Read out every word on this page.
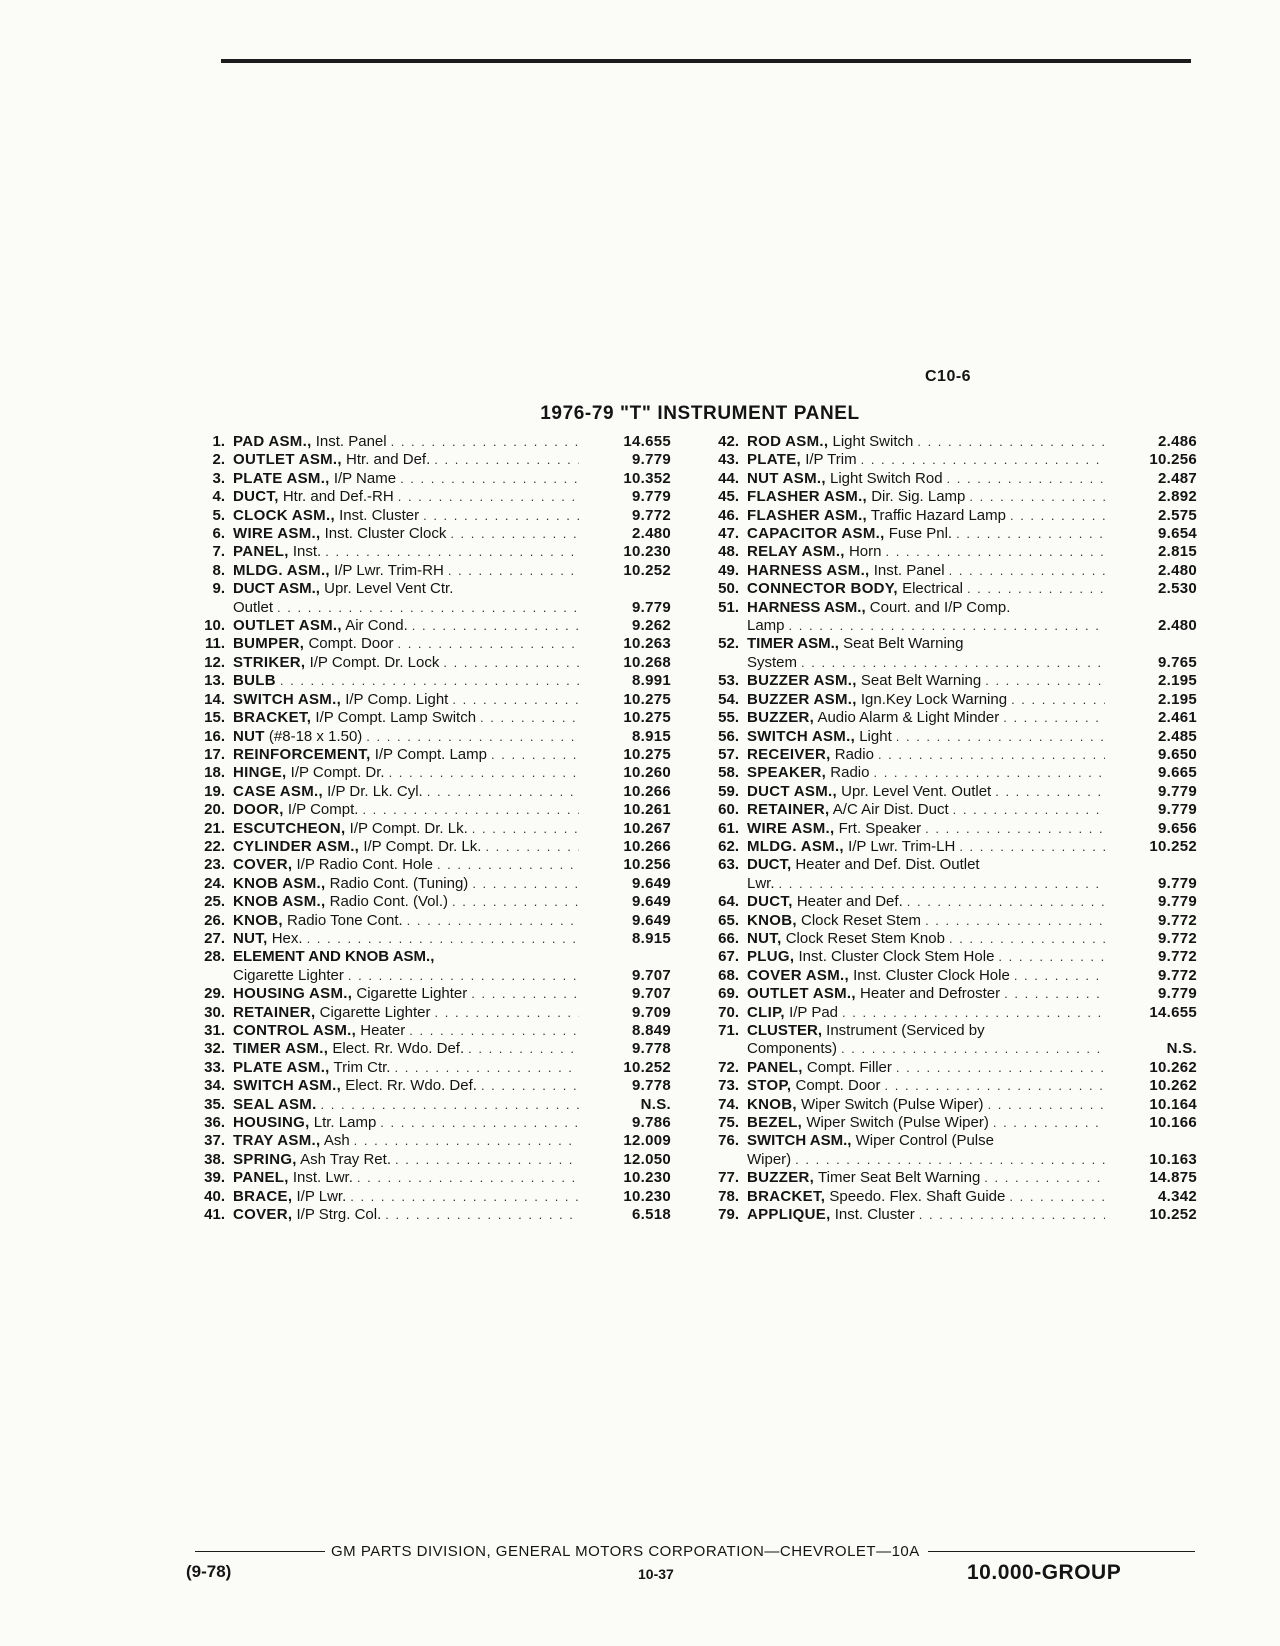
C10-6
1976-79 "T" INSTRUMENT PANEL
1. PAD ASM., Inst. Panel . . .	14.655
2. OUTLET ASM., Htr. and Def. . . .	9.779
3. PLATE ASM., I/P Name . . .	10.352
4. DUCT, Htr. and Def.-RH . . .	9.779
5. CLOCK ASM., Inst. Cluster . . .	9.772
6. WIRE ASM., Inst. Cluster Clock . . .	2.480
7. PANEL, Inst. . . .	10.230
8. MLDG. ASM., I/P Lwr. Trim-RH . . .	10.252
9. DUCT ASM., Upr. Level Vent Ctr.
Outlet . . .	9.779
10. OUTLET ASM., Air Cond. . . .	9.262
11. BUMPER, Compt. Door . . .	10.263
12. STRIKER, I/P Compt. Dr. Lock . . .	10.268
13. BULB . . .	8.991
14. SWITCH ASM., I/P Comp. Light . . .	10.275
15. BRACKET, I/P Compt. Lamp Switch . . .	10.275
16. NUT (#8-18 x 1.50) . . .	8.915
17. REINFORCEMENT, I/P Compt. Lamp . . .	10.275
18. HINGE, I/P Compt. Dr. . . .	10.260
19. CASE ASM., I/P Dr. Lk. Cyl. . . .	10.266
20. DOOR, I/P Compt. . . .	10.261
21. ESCUTCHEON, I/P Compt. Dr. Lk. . . .	10.267
22. CYLINDER ASM., I/P Compt. Dr. Lk. . . .	10.266
23. COVER, I/P Radio Cont. Hole . . .	10.256
24. KNOB ASM., Radio Cont. (Tuning) . . .	9.649
25. KNOB ASM., Radio Cont. (Vol.) . . .	9.649
26. KNOB, Radio Tone Cont. . . .	9.649
27. NUT, Hex. . . .	8.915
28. ELEMENT AND KNOB ASM.,
Cigarette Lighter . . .	9.707
29. HOUSING ASM., Cigarette Lighter . . .	9.707
30. RETAINER, Cigarette Lighter . . .	9.709
31. CONTROL ASM., Heater . . .	8.849
32. TIMER ASM., Elect. Rr. Wdo. Def. . . .	9.778
33. PLATE ASM., Trim Ctr. . . .	10.252
34. SWITCH ASM., Elect. Rr. Wdo. Def. . . .	9.778
35. SEAL ASM. . . .	N.S.
36. HOUSING, Ltr. Lamp . . .	9.786
37. TRAY ASM., Ash . . .	12.009
38. SPRING, Ash Tray Ret. . . .	12.050
39. PANEL, Inst. Lwr. . . .	10.230
40. BRACE, I/P Lwr. . . .	10.230
41. COVER, I/P Strg. Col. . . .	6.518
42. ROD ASM., Light Switch . . .	2.486
43. PLATE, I/P Trim . . .	10.256
44. NUT ASM., Light Switch Rod . . .	2.487
45. FLASHER ASM., Dir. Sig. Lamp . . .	2.892
46. FLASHER ASM., Traffic Hazard Lamp . . .	2.575
47. CAPACITOR ASM., Fuse Pnl. . . .	9.654
48. RELAY ASM., Horn . . .	2.815
49. HARNESS ASM., Inst. Panel . . .	2.480
50. CONNECTOR BODY, Electrical . . .	2.530
51. HARNESS ASM., Court. and I/P Comp.
Lamp . . .	2.480
52. TIMER ASM., Seat Belt Warning
System . . .	9.765
53. BUZZER ASM., Seat Belt Warning . . .	2.195
54. BUZZER ASM., Ign.Key Lock Warning . . .	2.195
55. BUZZER, Audio Alarm & Light Minder . . .	2.461
56. SWITCH ASM., Light . . .	2.485
57. RECEIVER, Radio . . .	9.650
58. SPEAKER, Radio . . .	9.665
59. DUCT ASM., Upr. Level Vent. Outlet . . .	9.779
60. RETAINER, A/C Air Dist. Duct . . .	9.779
61. WIRE ASM., Frt. Speaker . . .	9.656
62. MLDG. ASM., I/P Lwr. Trim-LH . . .	10.252
63. DUCT, Heater and Def. Dist. Outlet
Lwr. . . .	9.779
64. DUCT, Heater and Def. . . .	9.779
65. KNOB, Clock Reset Stem . . .	9.772
66. NUT, Clock Reset Stem Knob . . .	9.772
67. PLUG, Inst. Cluster Clock Stem Hole . . .	9.772
68. COVER ASM., Inst. Cluster Clock Hole . . .	9.772
69. OUTLET ASM., Heater and Defroster . . .	9.779
70. CLIP, I/P Pad . . .	14.655
71. CLUSTER, Instrument (Serviced by
Components) . . .	N.S.
72. PANEL, Compt. Filler . . .	10.262
73. STOP, Compt. Door . . .	10.262
74. KNOB, Wiper Switch (Pulse Wiper) . . .	10.164
75. BEZEL, Wiper Switch (Pulse Wiper) . . .	10.166
76. SWITCH ASM., Wiper Control (Pulse
Wiper) . . .	10.163
77. BUZZER, Timer Seat Belt Warning . . .	14.875
78. BRACKET, Speedo. Flex. Shaft Guide . . .	4.342
79. APPLIQUE, Inst. Cluster . . .	10.252
GM PARTS DIVISION, GENERAL MOTORS CORPORATION—CHEVROLET—10A
(9-78)	10-37	10.000-GROUP
